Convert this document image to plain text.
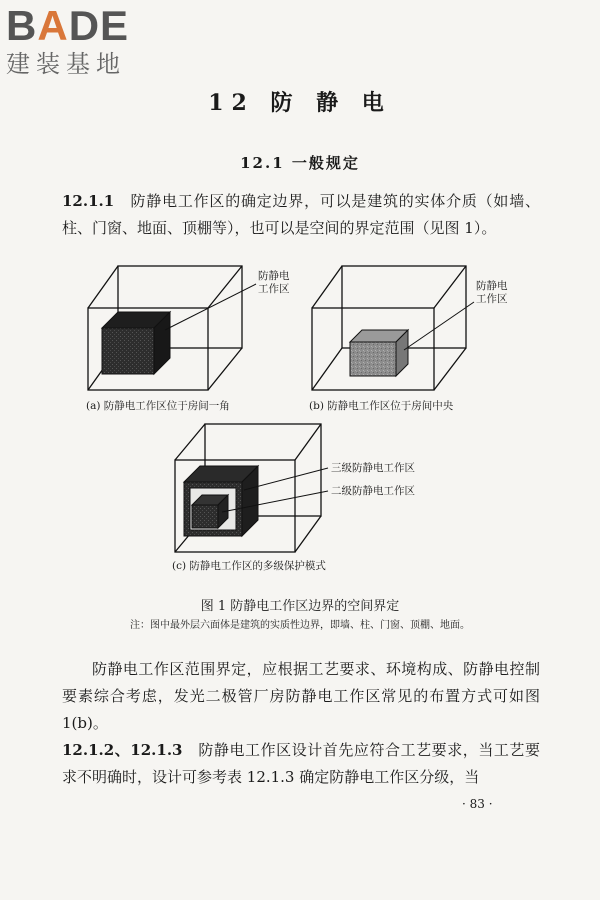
BADE
建装基地
12 防 静 电
12.1 一般规定
12.1.1 防静电工作区的确定边界，可以是建筑的实体介质（如墙、柱、门窗、地面、顶棚等），也可以是空间的界定范围（见图 1）。
防静电
工作区	防静电
工作区
三级防静电工作区
二级防静电工作区
(a) 防静电工作区位于房间一角	(b) 防静电工作区位于房间中央
(c) 防静电工作区的多级保护模式
图 1 防静电工作区边界的空间界定
注：图中最外层六面体是建筑的实质性边界，即墙、柱、门窗、顶棚、地面。
防静电工作区范围界定，应根据工艺要求、环境构成、防静电控制要素综合考虑，发光二极管厂房防静电工作区常见的布置方式可如图 1(b)。
12.1.2、12.1.3 防静电工作区设计首先应符合工艺要求，当工艺要求不明确时，设计可参考表 12.1.3 确定防静电工作区分级，当
· 83 ·
